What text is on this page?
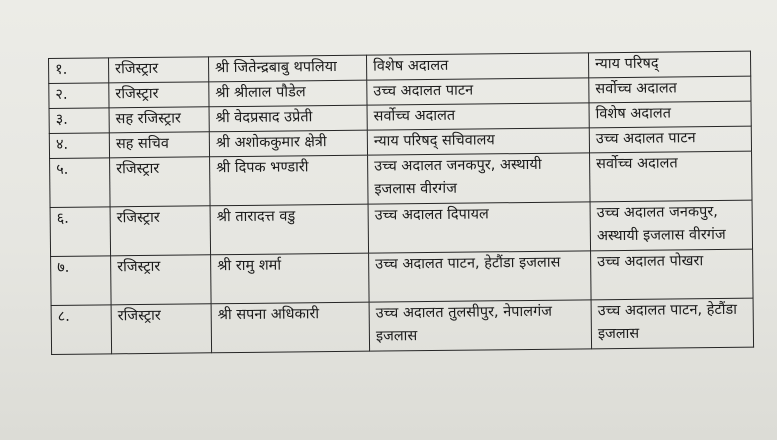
१.	रजिस्ट्रार	श्री जितेन्द्रबाबु थपलिया	विशेष अदालत	न्याय परिषद्
२.	रजिस्ट्रार	श्री श्रीलाल पौडेल	उच्च अदालत पाटन	सर्वोच्च अदालत
३.	सह रजिस्ट्रार	श्री वेदप्रसाद उप्रेती	सर्वोच्च अदालत	विशेष अदालत
४.	सह सचिव	श्री अशोककुमार क्षेत्री	न्याय परिषद् सचिवालय	उच्च अदालत पाटन
५.	रजिस्ट्रार	श्री दिपक भण्डारी	उच्च अदालत जनकपुर, अस्थायी इजलास वीरगंज	सर्वोच्च अदालत
६.	रजिस्ट्रार	श्री तारादत्त वडु	उच्च अदालत दिपायल	उच्च अदालत जनकपुर, अस्थायी इजलास वीरगंज
७.	रजिस्ट्रार	श्री रामु शर्मा	उच्च अदालत पाटन, हेटौंडा इजलास	उच्च अदालत पोखरा
८.	रजिस्ट्रार	श्री सपना अधिकारी	उच्च अदालत तुलसीपुर, नेपालगंज इजलास	उच्च अदालत पाटन, हेटौंडा इजलास
